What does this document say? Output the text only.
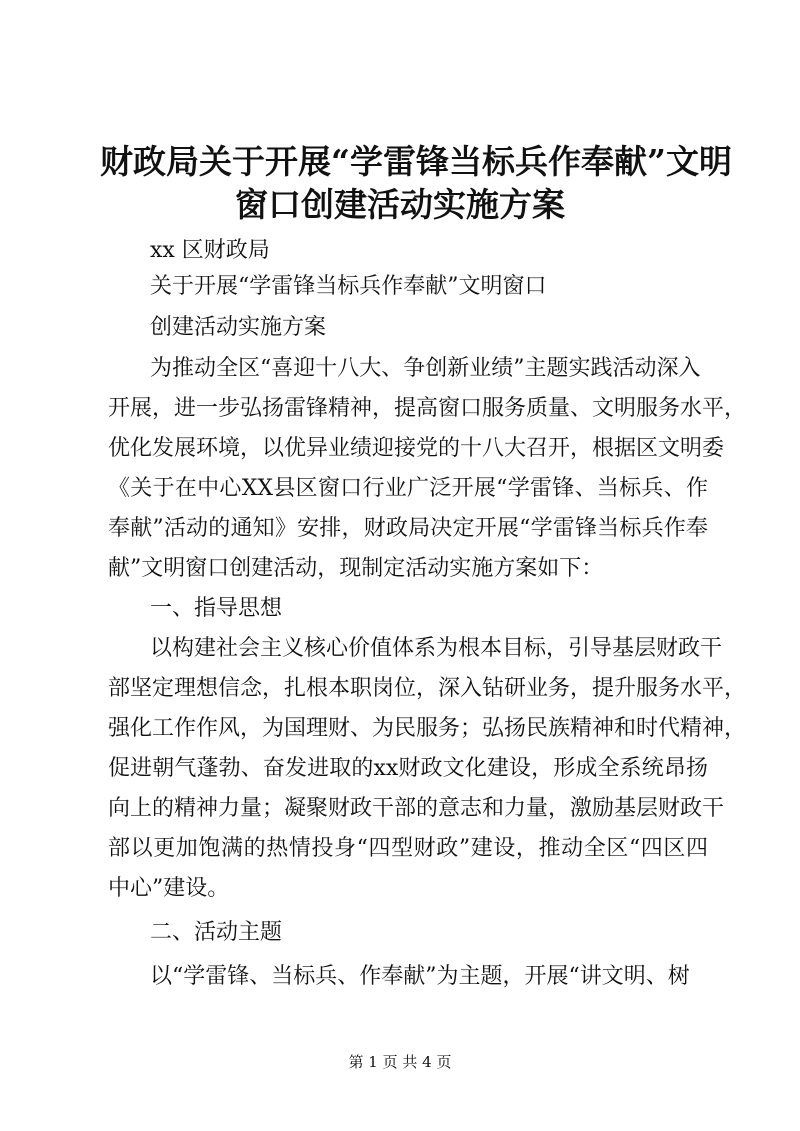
财政局关于开展“学雷锋当标兵作奉献”文明
窗口创建活动实施方案

xx 区财政局

关于开展“学雷锋当标兵作奉献”文明窗口

创建活动实施方案

为推动全区“喜迎十八大、争创新业绩”主题实践活动深入

开展，进一步弘扬雷锋精神，提高窗口服务质量、文明服务水平，

优化发展环境，以优异业绩迎接党的十八大召开，根据区文明委

《关于在中心XX县区窗口行业广泛开展“学雷锋、当标兵、作

奉献”活动的通知》安排，财政局决定开展“学雷锋当标兵作奉

献”文明窗口创建活动，现制定活动实施方案如下：

一、指导思想

以构建社会主义核心价值体系为根本目标，引导基层财政干

部坚定理想信念，扎根本职岗位，深入钻研业务，提升服务水平，

强化工作作风，为国理财、为民服务；弘扬民族精神和时代精神，

促进朝气蓬勃、奋发进取的xx财政文化建设，形成全系统昂扬

向上的精神力量；凝聚财政干部的意志和力量，激励基层财政干

部以更加饱满的热情投身“四型财政”建设，推动全区“四区四

中心”建设。

二、活动主题

以“学雷锋、当标兵、作奉献”为主题，开展“讲文明、树

第 1 页 共 4 页
